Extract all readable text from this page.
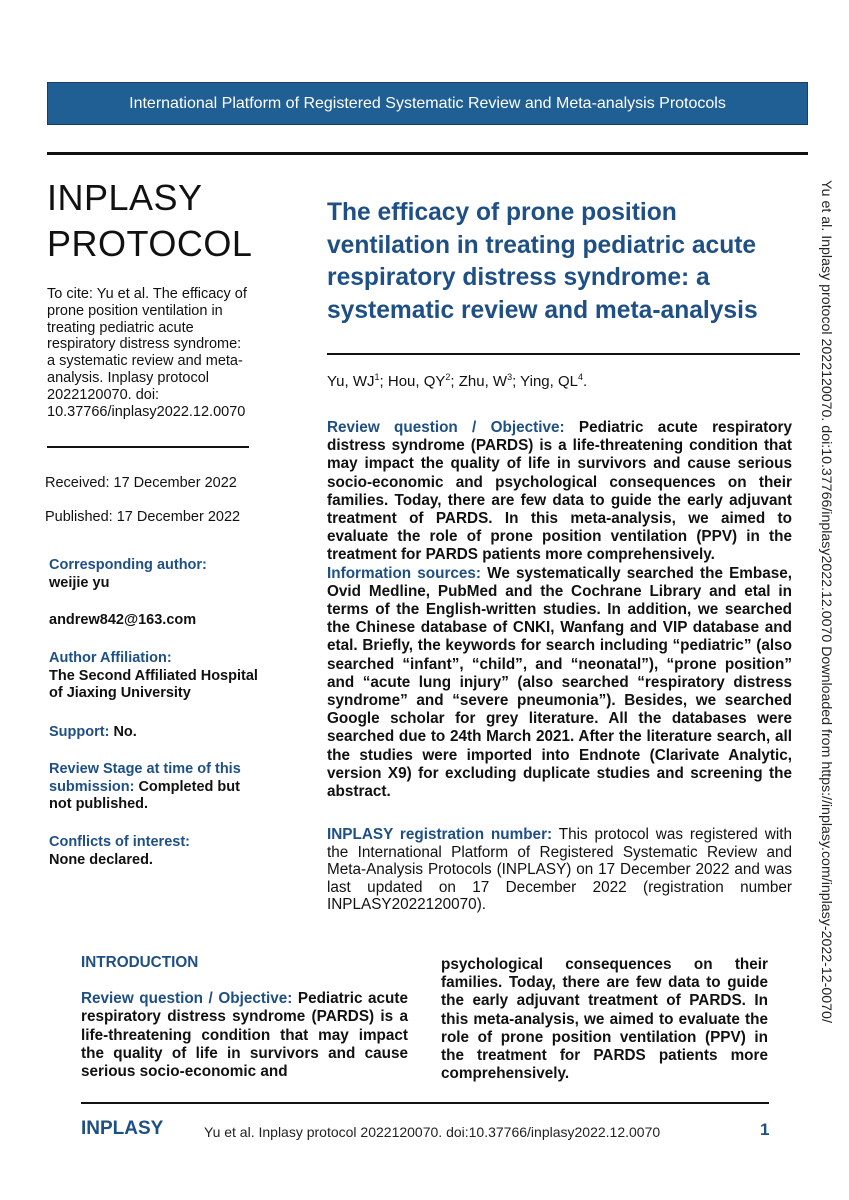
International Platform of Registered Systematic Review and Meta-analysis Protocols
Yu et al. Inplasy protocol 2022120070. doi:10.37766/inplasy2022.12.0070 Downloaded from https://inplasy.com/inplasy-2022-12-0070/
INPLASY
PROTOCOL
To cite: Yu et al. The efficacy of
prone position ventilation in
treating pediatric acute
respiratory distress syndrome:
a systematic review and meta-
analysis. Inplasy protocol
2022120070. doi:
10.37766/inplasy2022.12.0070
Received: 17 December 2022
Published: 17 December 2022
Corresponding author:
weijie yu
andrew842@163.com
Author Affiliation:
The Second Affiliated Hospital
of Jiaxing University
Support: No.
Review Stage at time of this
submission: Completed but
not published.
Conflicts of interest:
None declared.
The efficacy of prone position
ventilation in treating pediatric acute
respiratory distress syndrome: a
systematic review and meta-analysis
Yu, $WJ^1$; Hou, $QY^2$; Zhu, $W^3$; Ying, $QL^4$.
Review question / Objective: Pediatric acute respiratory distress syndrome (PARDS) is a life-threatening condition that may impact the quality of life in survivors and cause serious socio-economic and psychological consequences on their families. Today, there are few data to guide the early adjuvant treatment of PARDS. In this meta-analysis, we aimed to evaluate the role of prone position ventilation (PPV) in the treatment for PARDS patients more comprehensively.
Information sources: We systematically searched the Embase, Ovid Medline, PubMed and the Cochrane Library and etal in terms of the English-written studies. In addition, we searched the Chinese database of CNKI, Wanfang and VIP database and etal. Briefly, the keywords for search including “pediatric” (also searched “infant”, “child”, and “neonatal”), “prone position” and “acute lung injury” (also searched “respiratory distress syndrome” and “severe pneumonia”). Besides, we searched Google scholar for grey literature. All the databases were searched due to 24th March 2021. After the literature search, all the studies were imported into Endnote (Clarivate Analytic, version X9) for excluding duplicate studies and screening the abstract.
INPLASY registration number: This protocol was registered with the International Platform of Registered Systematic Review and Meta-Analysis Protocols (INPLASY) on 17 December 2022 and was last updated on 17 December 2022 (registration number INPLASY2022120070).
INTRODUCTION
Review question / Objective: Pediatric acute respiratory distress syndrome (PARDS) is a life-threatening condition that may impact the quality of life in survivors and cause serious socio-economic and
psychological consequences on their families. Today, there are few data to guide the early adjuvant treatment of PARDS. In this meta-analysis, we aimed to evaluate the role of prone position ventilation (PPV) in the treatment for PARDS patients more comprehensively.
INPLASY	Yu et al. Inplasy protocol 2022120070. doi:10.37766/inplasy2022.12.0070	1
